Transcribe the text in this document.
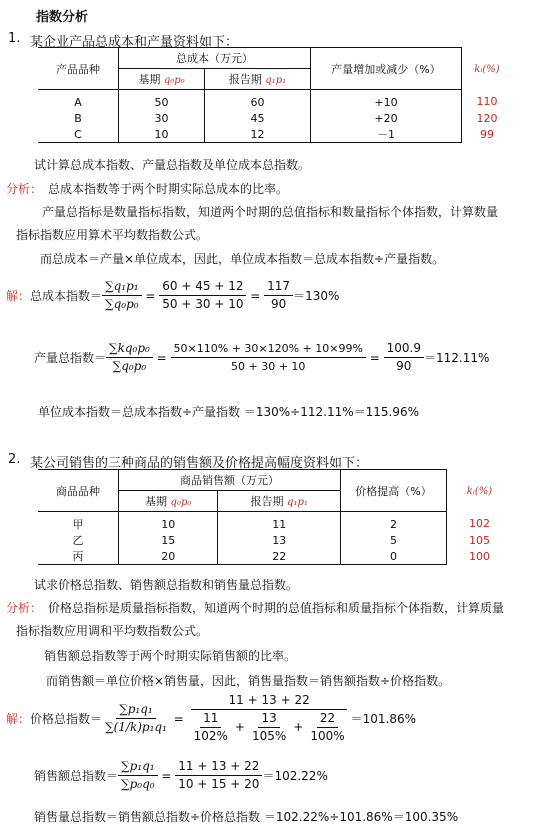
指数分析
1. 某企业产品总成本和产量资料如下：
产品品种	总成本（万元）		产量增加或减少（%）	kᵢ(%)
	基期 q₀p₀	报告期 q₁p₁		
A	50	60	+10	110
B	30	45	+20	120
C	10	12	－1	99
试计算总成本指数、产量总指数及单位成本总指数。
分析： 总成本指数等于两个时期实际总成本的比率。
产量总指标是数量指标指数，知道两个时期的总值指标和数量指标个体指数，计算数量
指标指数应用算术平均数指数公式。
而总成本＝产量×单位成本，因此，单位成本指数＝总成本指数÷产量指数。
解： 总成本指数＝ $\frac{\text{∑q₁p₁}}{\text{∑q₀p₀}} = \frac{60 + 45 + 12}{50 + 30 + 10} = \frac{117}{90} =130\%$
产量总指数＝ $\frac{\text{∑kq₀p₀}}{\text{∑q₀p₀}} = \frac{50\times 110\% + 30\times 120\% + 10\times 99\%}{50 + 30 + 10} = \frac{100.9}{90} =112.11\%$
单位成本指数＝总成本指数÷产量指数 ＝130%÷112.11%＝115.96%
2. 某公司销售的三种商品的销售额及价格提高幅度资料如下：
商品品种	商品销售额（万元）		价格提高（%）	kᵢ(%)
	基期 q₀p₀	报告期 q₁p₁		
甲	10	11	2	102
乙	15	13	5	105
丙	20	22	0	100
试求价格总指数、销售额总指数和销售量总指数。
分析： 价格总指标是质量指标指数，知道两个时期的总值指标和质量指标个体指数，计算质量
指标指数应用调和平均数指数公式。
销售额总指数等于两个时期实际销售额的比率。
而销售额＝单位价格×销售量，因此，销售量指数＝销售额指数÷价格指数。
解： 价格总指数＝ $\frac{\text{∑p₁q₁}}{\text{∑(1/k)p₁q₁}} = \frac{11 + 13 + 22}{\frac{11}{102\%} + \frac{13}{105\%} + \frac{22}{100\%}} =101.86\%$
销售额总指数＝ $\frac{\text{∑p₁q₁}}{\text{∑p₀q₀}} = \frac{11 + 13 + 22}{10 + 15 + 20} =102.22\%$
销售量总指数＝销售额总指数÷价格总指数 ＝102.22%÷101.86%＝100.35%
